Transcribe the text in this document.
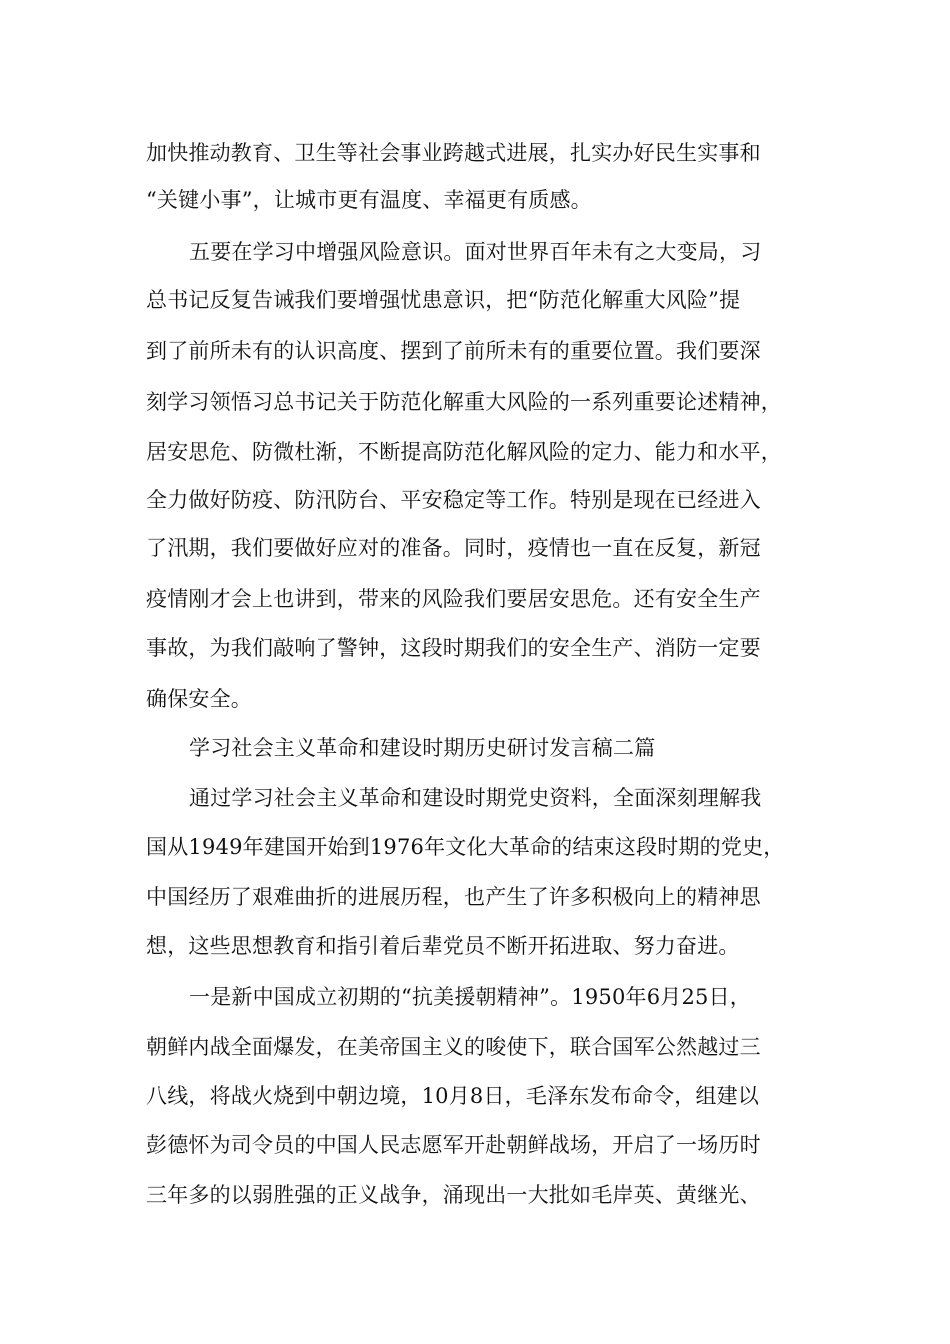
加快推动教育、卫生等社会事业跨越式进展，扎实办好民生实事和
“关键小事”，让城市更有温度、幸福更有质感。
五要在学习中增强风险意识。面对世界百年未有之大变局，习
总书记反复告诫我们要增强忧患意识，把“防范化解重大风险”提
到了前所未有的认识高度、摆到了前所未有的重要位置。我们要深
刻学习领悟习总书记关于防范化解重大风险的一系列重要论述精神，
居安思危、防微杜渐，不断提高防范化解风险的定力、能力和水平，
全力做好防疫、防汛防台、平安稳定等工作。特别是现在已经进入
了汛期，我们要做好应对的准备。同时，疫情也一直在反复，新冠
疫情刚才会上也讲到，带来的风险我们要居安思危。还有安全生产
事故，为我们敲响了警钟，这段时期我们的安全生产、消防一定要
确保安全。
学习社会主义革命和建设时期历史研讨发言稿二篇
通过学习社会主义革命和建设时期党史资料，全面深刻理解我
国从1949年建国开始到1976年文化大革命的结束这段时期的党史，
中国经历了艰难曲折的进展历程，也产生了许多积极向上的精神思
想，这些思想教育和指引着后辈党员不断开拓进取、努力奋进。
一是新中国成立初期的“抗美援朝精神”。1950年6月25日，
朝鲜内战全面爆发，在美帝国主义的唆使下，联合国军公然越过三
八线，将战火烧到中朝边境，10月8日，毛泽东发布命令，组建以
彭德怀为司令员的中国人民志愿军开赴朝鲜战场，开启了一场历时
三年多的以弱胜强的正义战争，涌现出一大批如毛岸英、黄继光、
